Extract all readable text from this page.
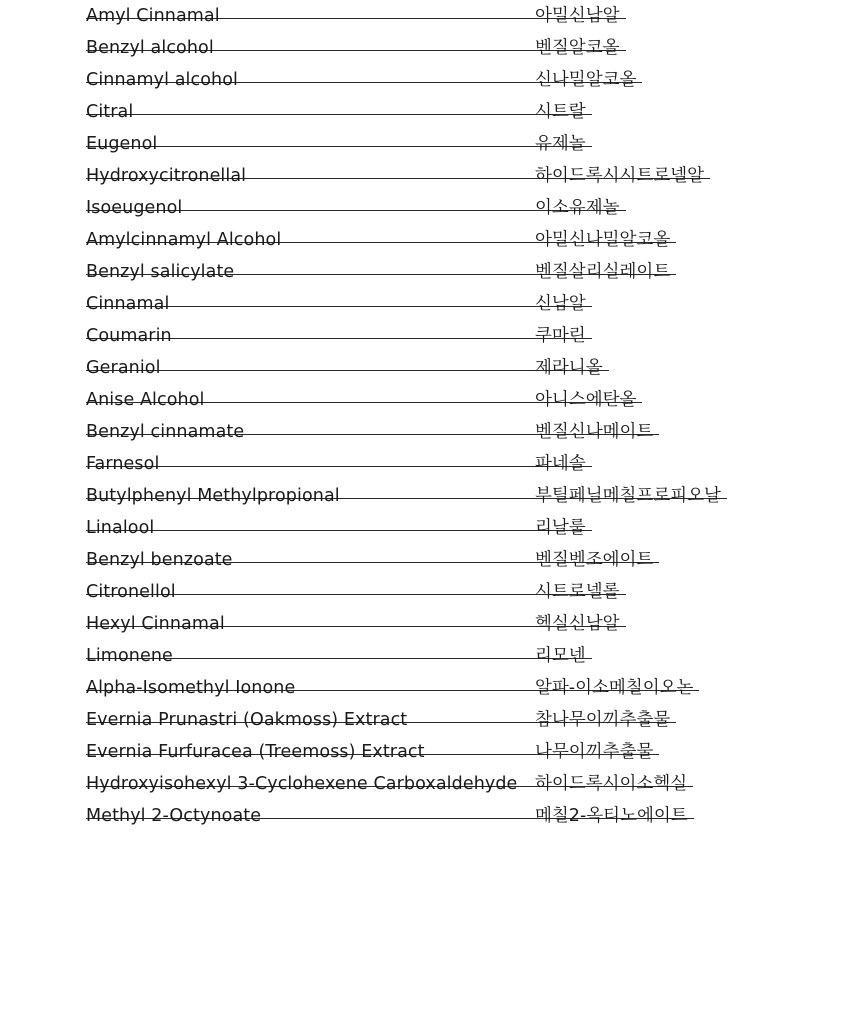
Amyl Cinnamal	아밀신남알
Benzyl alcohol	벤질알코올
Cinnamyl alcohol	신나밀알코올
Citral	시트랄
Eugenol	유제놀
Hydroxycitronellal	하이드록시시트로넬알
Isoeugenol	이소유제놀
Amylcinnamyl Alcohol	아밀신나밀알코올
Benzyl salicylate	벤질살리실레이트
Cinnamal	신남알
Coumarin	쿠마린
Geraniol	제라니올
Anise Alcohol	아니스에탄올
Benzyl cinnamate	벤질신나메이트
Farnesol	파네솔
Butylphenyl Methylpropional	부틸페닐메칠프로피오날
Linalool	리날룰
Benzyl benzoate	벤질벤조에이트
Citronellol	시트로넬롤
Hexyl Cinnamal	헥실신남알
Limonene	리모넨
Alpha-Isomethyl Ionone	알파-이소메칠이오논
Evernia Prunastri (Oakmoss) Extract	참나무이끼추출물
Evernia Furfuracea (Treemoss) Extract	나무이끼추출물
Hydroxyisohexyl 3-Cyclohexene Carboxaldehyde 하이드록시이소헥실
Methyl 2-Octynoate	메칠2-옥티노에이트
